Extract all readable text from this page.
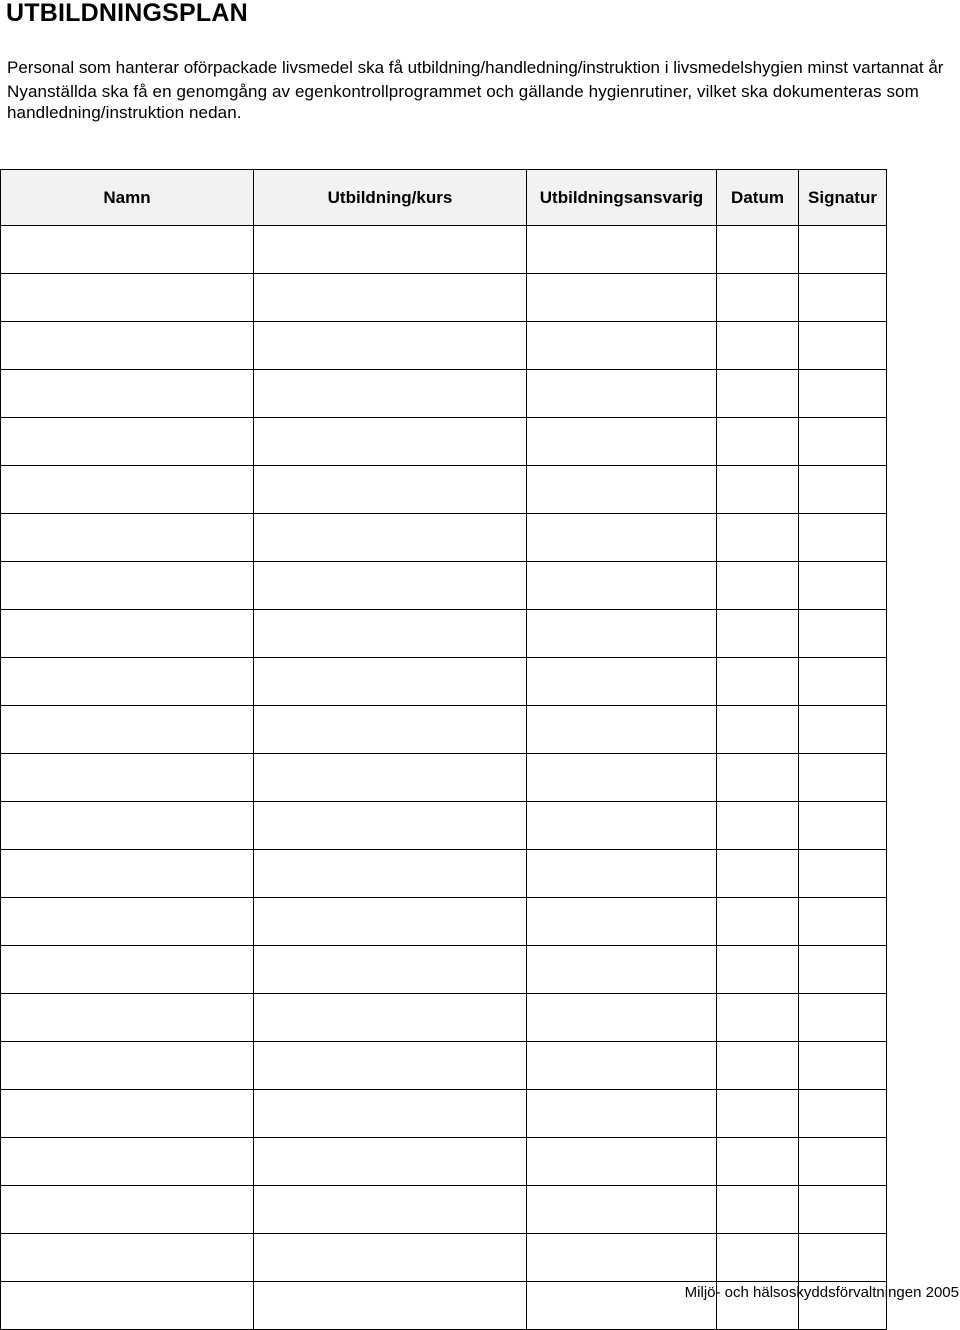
UTBILDNINGSPLAN

Personal som hanterar oförpackade livsmedel ska få utbildning/handledning/instruktion i livsmedelshygien minst vartannat år

Nyanställda ska få en genomgång av egenkontrollprogrammet och gällande hygienrutiner, vilket ska dokumenteras som handledning/instruktion nedan.

Namn	Utbildning/kurs	Utbildningsansvarig	Datum	Signatur

Miljö- och hälsoskyddsförvaltningen 2005
